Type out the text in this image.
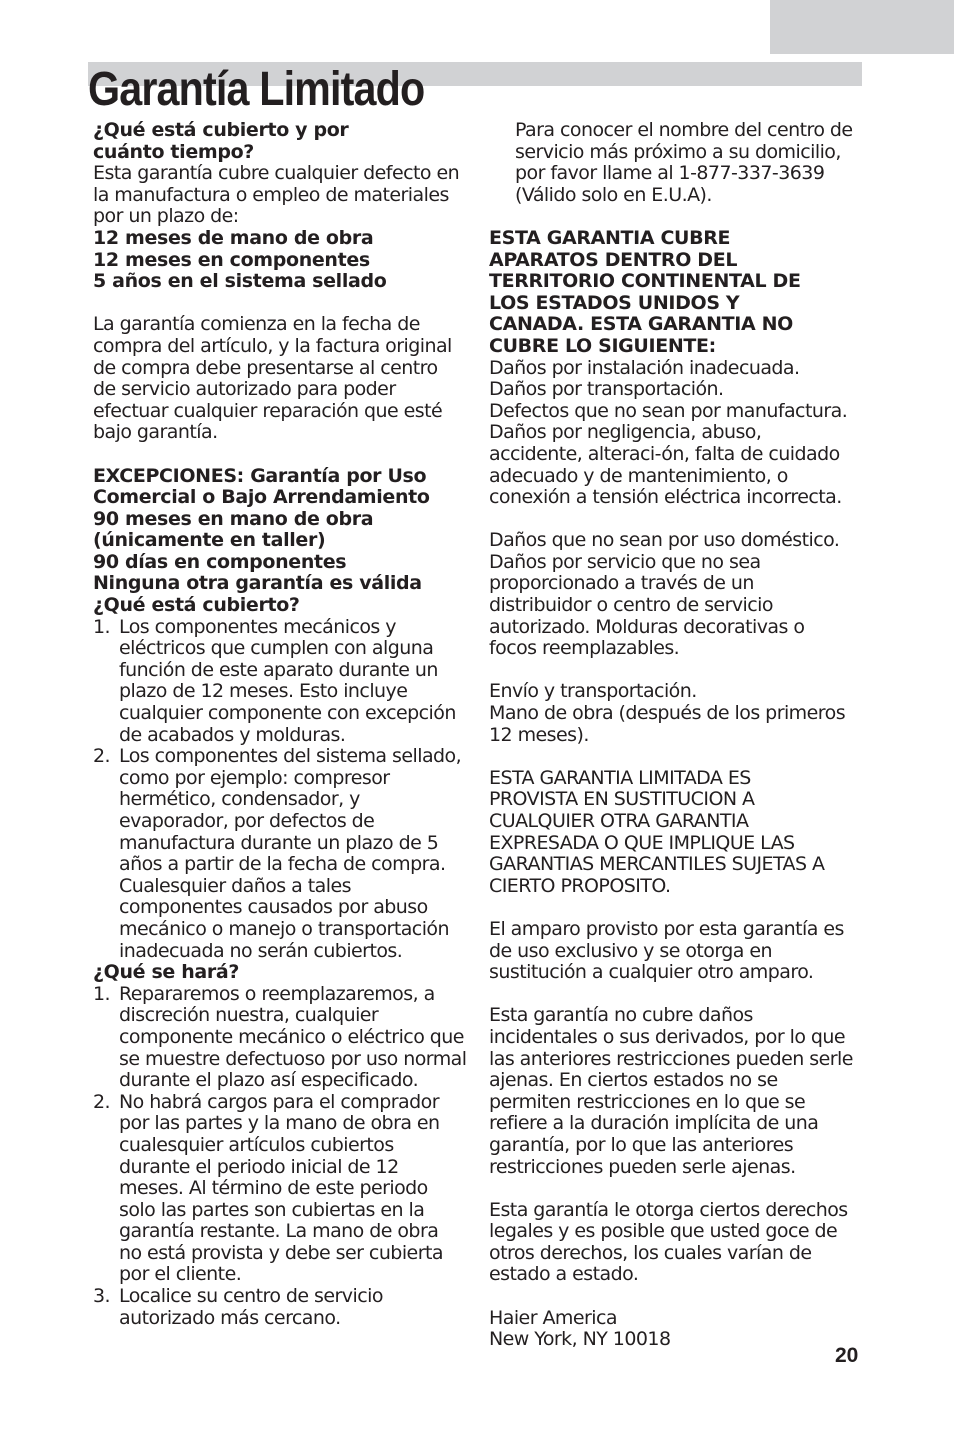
Garantía Limitado
¿Qué está cubierto y por
cuánto tiempo?
Esta garantía cubre cualquier defecto en
la manufactura o empleo de materiales
por un plazo de:
12 meses de mano de obra
12 meses en componentes
5 años en el sistema sellado
La garantía comienza en la fecha de
compra del artículo, y la factura original
de compra debe presentarse al centro
de servicio autorizado para poder
efectuar cualquier reparación que esté
bajo garantía.
EXCEPCIONES: Garantía por Uso
Comercial o Bajo Arrendamiento
90 meses en mano de obra
(únicamente en taller)
90 días en componentes
Ninguna otra garantía es válida
¿Qué está cubierto?
1. Los componentes mecánicos y
eléctricos que cumplen con alguna
función de este aparato durante un
plazo de 12 meses. Esto incluye
cualquier componente con excepción
de acabados y molduras.
2. Los componentes del sistema sellado,
como por ejemplo: compresor
hermético, condensador, y
evaporador, por defectos de
manufactura durante un plazo de 5
años a partir de la fecha de compra.
Cualesquier daños a tales
componentes causados por abuso
mecánico o manejo o transportación
inadecuada no serán cubiertos.
¿Qué se hará?
1. Repararemos o reemplazaremos, a
discreción nuestra, cualquier
componente mecánico o eléctrico que
se muestre defectuoso por uso normal
durante el plazo así especificado.
2. No habrá cargos para el comprador
por las partes y la mano de obra en
cualesquier artículos cubiertos
durante el periodo inicial de 12
meses. Al término de este periodo
solo las partes son cubiertas en la
garantía restante. La mano de obra
no está provista y debe ser cubierta
por el cliente.
3. Localice su centro de servicio
autorizado más cercano.
Para conocer el nombre del centro de
servicio más próximo a su domicilio,
por favor llame al 1-877-337-3639
(Válido solo en E.U.A).
ESTA GARANTIA CUBRE
APARATOS DENTRO DEL
TERRITORIO CONTINENTAL DE
LOS ESTADOS UNIDOS Y
CANADA. ESTA GARANTIA NO
CUBRE LO SIGUIENTE:
Daños por instalación inadecuada.
Daños por transportación.
Defectos que no sean por manufactura.
Daños por negligencia, abuso,
accidente, alteraci-ón, falta de cuidado
adecuado y de mantenimiento, o
conexión a tensión eléctrica incorrecta.
Daños que no sean por uso doméstico.
Daños por servicio que no sea
proporcionado a través de un
distribuidor o centro de servicio
autorizado. Molduras decorativas o
focos reemplazables.
Envío y transportación.
Mano de obra (después de los primeros
12 meses).
ESTA GARANTIA LIMITADA ES
PROVISTA EN SUSTITUCION A
CUALQUIER OTRA GARANTIA
EXPRESADA O QUE IMPLIQUE LAS
GARANTIAS MERCANTILES SUJETAS A
CIERTO PROPOSITO.
El amparo provisto por esta garantía es
de uso exclusivo y se otorga en
sustitución a cualquier otro amparo.
Esta garantía no cubre daños
incidentales o sus derivados, por lo que
las anteriores restricciones pueden serle
ajenas. En ciertos estados no se
permiten restricciones en lo que se
refiere a la duración implícita de una
garantía, por lo que las anteriores
restricciones pueden serle ajenas.
Esta garantía le otorga ciertos derechos
legales y es posible que usted goce de
otros derechos, los cuales varían de
estado a estado.
Haier America
New York, NY 10018
20
